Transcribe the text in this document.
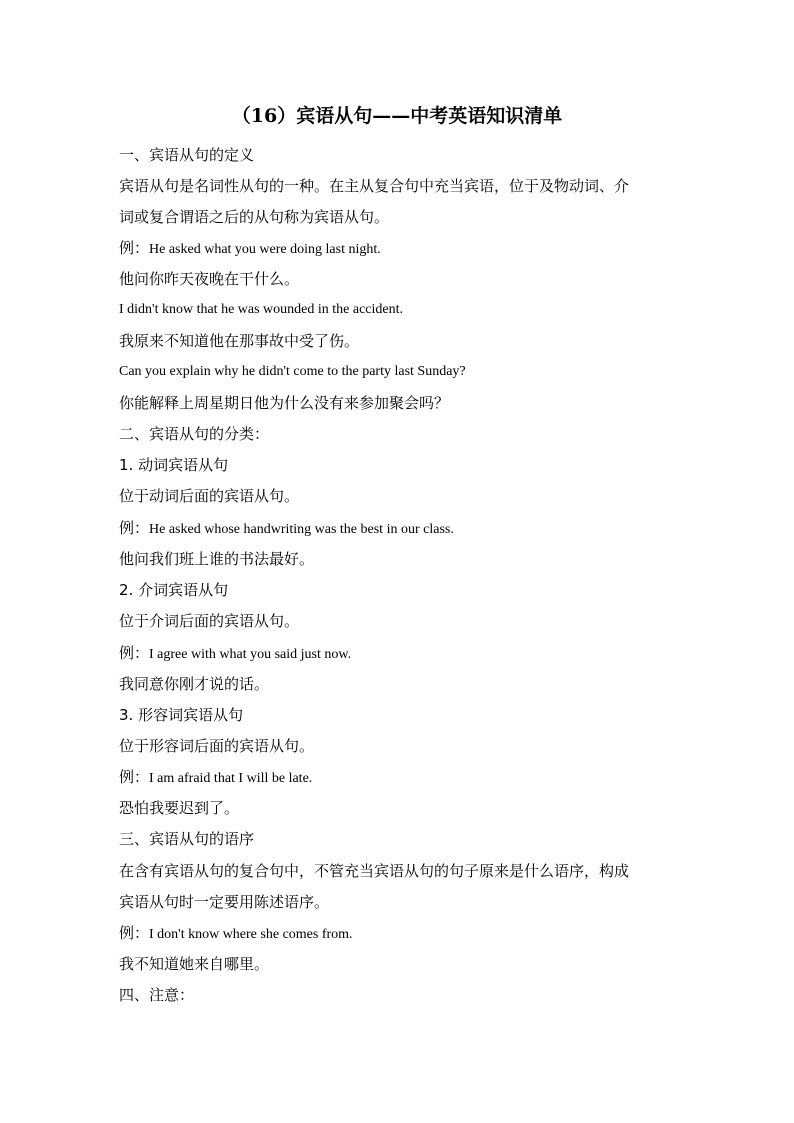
（16）宾语从句——中考英语知识清单
一、宾语从句的定义
宾语从句是名词性从句的一种。在主从复合句中充当宾语，位于及物动词、介
词或复合谓语之后的从句称为宾语从句。
例：He asked what you were doing last night.
他问你昨天夜晚在干什么。
I didn't know that he was wounded in the accident.
我原来不知道他在那事故中受了伤。
Can you explain why he didn't come to the party last Sunday?
你能解释上周星期日他为什么没有来参加聚会吗？
二、宾语从句的分类：
1. 动词宾语从句
位于动词后面的宾语从句。
例：He asked whose handwriting was the best in our class.
他问我们班上谁的书法最好。
2. 介词宾语从句
位于介词后面的宾语从句。
例：I agree with what you said just now.
我同意你刚才说的话。
3. 形容词宾语从句
位于形容词后面的宾语从句。
例：I am afraid that I will be late.
恐怕我要迟到了。
三、宾语从句的语序
在含有宾语从句的复合句中，不管充当宾语从句的句子原来是什么语序，构成
宾语从句时一定要用陈述语序。
例：I don't know where she comes from.
我不知道她来自哪里。
四、注意：
